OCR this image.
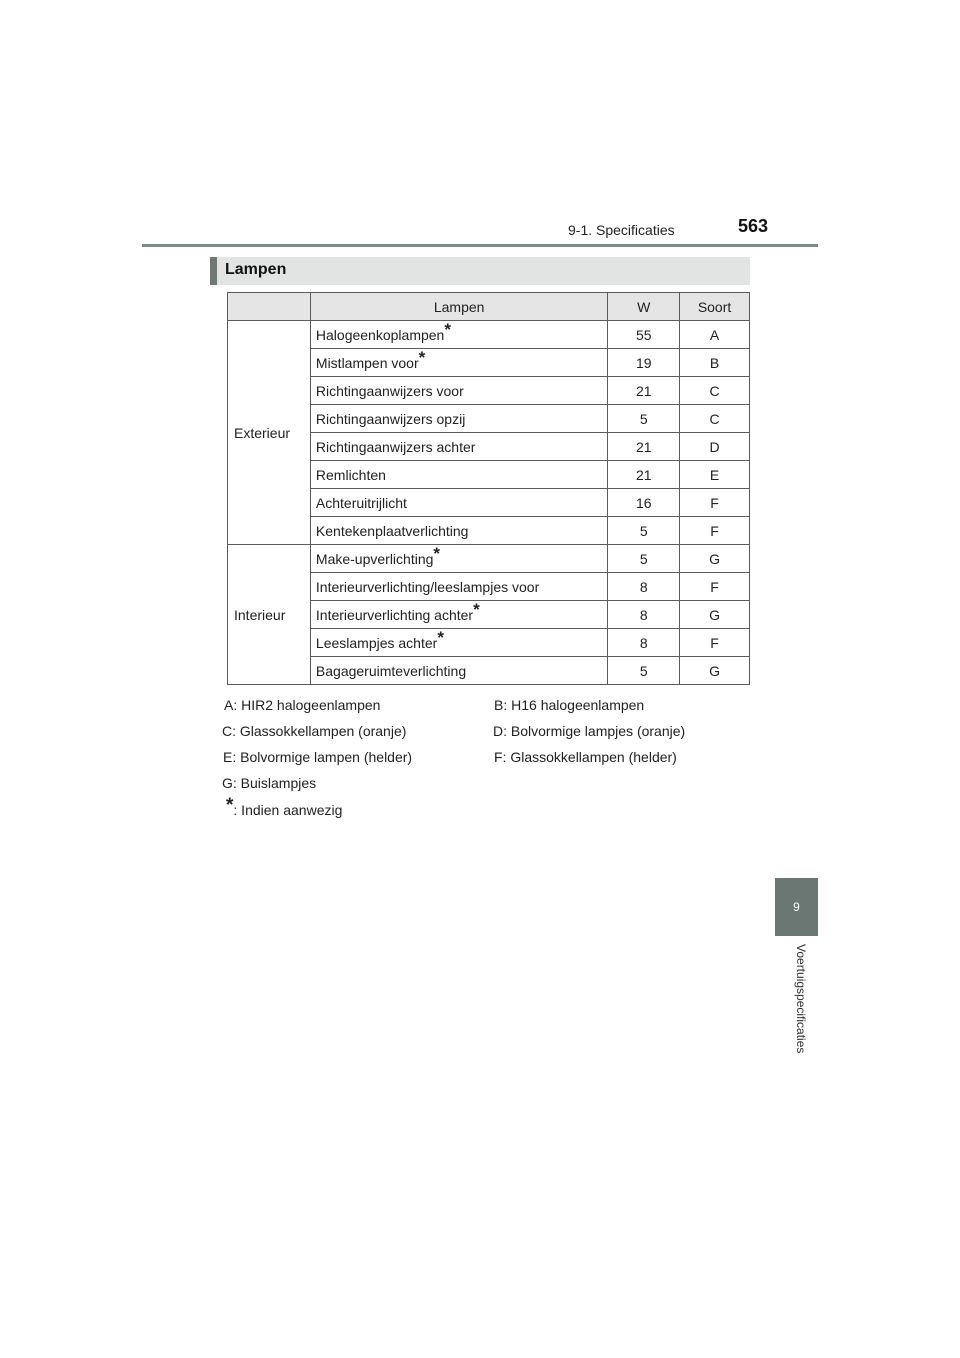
9-1. Specificaties	563
Lampen
	Lampen	W	Soort
Exterieur	Halogeenkoplampen*	55	A
	Mistlampen voor*	19	B
	Richtingaanwijzers voor	21	C
	Richtingaanwijzers opzij	5	C
	Richtingaanwijzers achter	21	D
	Remlichten	21	E
	Achteruitrijlicht	16	F
	Kentekenplaatverlichting	5	F
Interieur	Make-upverlichting*	5	G
	Interieurverlichting/leeslampjes voor	8	F
	Interieurverlichting achter*	8	G
	Leeslampjes achter*	8	F
	Bagageruimteverlichting	5	G
A: HIR2 halogeenlampen	B: H16 halogeenlampen
C: Glassokkellampen (oranje)	D: Bolvormige lampjes (oranje)
E: Bolvormige lampen (helder)	F: Glassokkellampen (helder)
G: Buislampjes
*: Indien aanwezig
9
Voertuigspecificaties
